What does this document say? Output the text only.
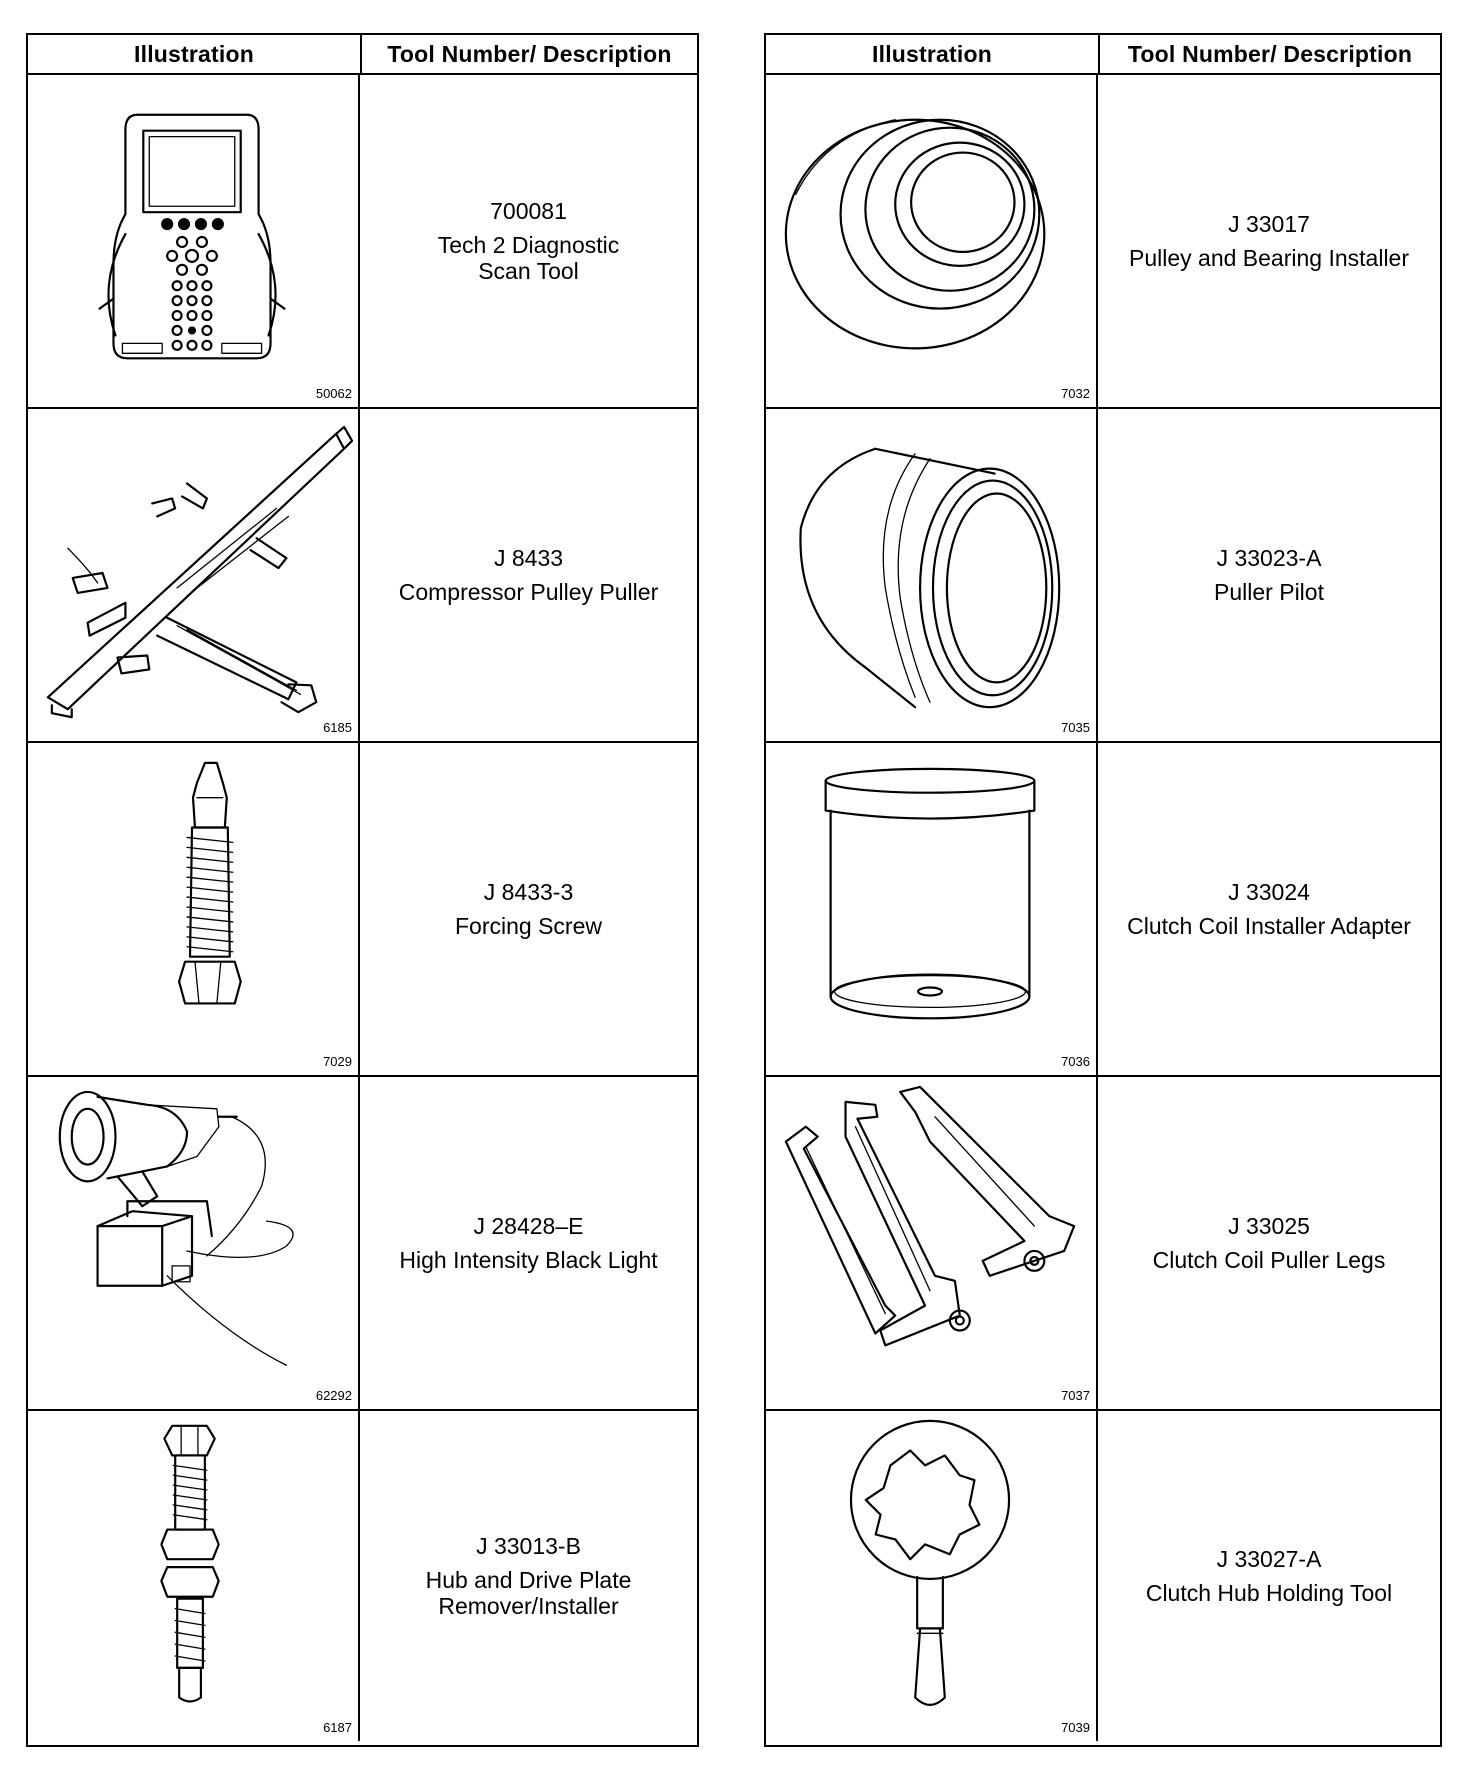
Illustration	Tool Number/ Description
50062
700081
Tech 2 Diagnostic
Scan Tool
6185
J 8433
Compressor Pulley Puller
7029
J 8433-3
Forcing Screw
62292
J 28428–E
High Intensity Black Light
6187
J 33013-B
Hub and Drive Plate
Remover/Installer
Illustration	Tool Number/ Description
7032
J 33017
Pulley and Bearing Installer
7035
J 33023-A
Puller Pilot
7036
J 33024
Clutch Coil Installer Adapter
7037
J 33025
Clutch Coil Puller Legs
7039
J 33027-A
Clutch Hub Holding Tool
